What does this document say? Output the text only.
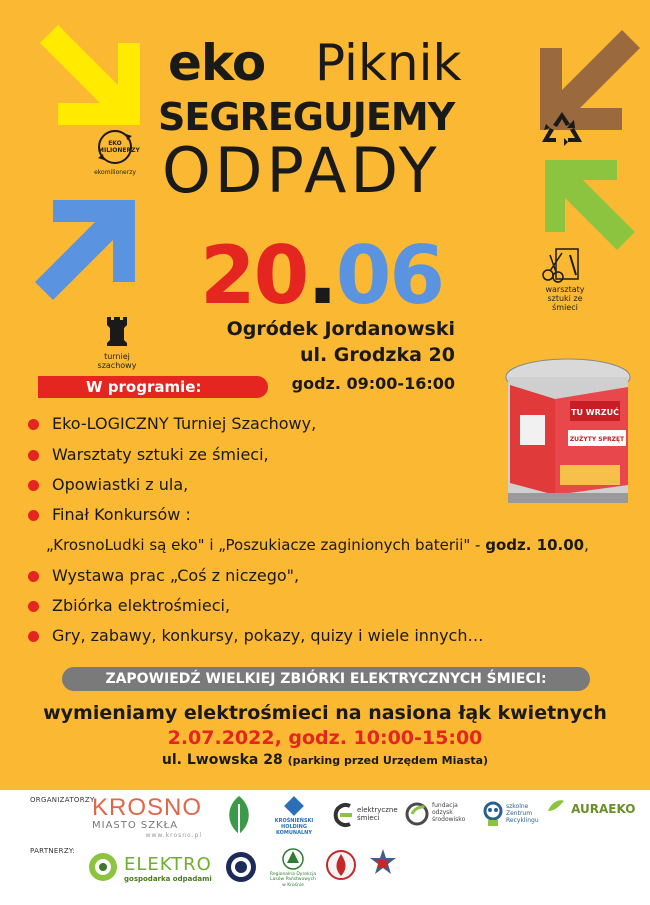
EKO MILIONERZY
ekomilionerzy
warsztaty sztuki ze śmieci
turniej szachowy
eko Piknik
SEGREGUJEMY
ODPADY
20.06
Ogródek Jordanowski
ul. Grodzka 20
godz. 09:00-16:00
TU WRZUĆ
ZUŻYTY SPRZĘT
W programie:
Eko-LOGICZNY Turniej Szachowy,
Warsztaty sztuki ze śmieci,
Opowiastki z ula,
Finał Konkursów :
„KrosnoLudki są eko" i „Poszukiacze zaginionych baterii" - godz. 10.00,
Wystawa prac „Coś z niczego",
Zbiórka elektrośmieci,
Gry, zabawy, konkursy, pokazy, quizy i wiele innych…
ZAPOWIEDŹ WIELKIEJ ZBIÓRKI ELEKTRYCZNYCH ŚMIECI:
wymieniamy elektrośmieci na nasiona łąk kwietnych
2.07.2022, godz. 10:00-15:00
ul. Lwowska 28 (parking przed Urzędem Miasta)
ORGANIZATORZY:
PARTNERZY:
KROSNO
MIASTO SZKŁA
www.krosno.pl
KROŚNIEŃSKI HOLDING KOMUNALNY
elektryczne śmieci
fundacja odzysk środowisko
szkolne Zentrum Recyklingu
AURAEKO
ELEKTRO
gospodarka odpadami
Regionalna Dyrekcja Lasów Państwowych w Krośnie
